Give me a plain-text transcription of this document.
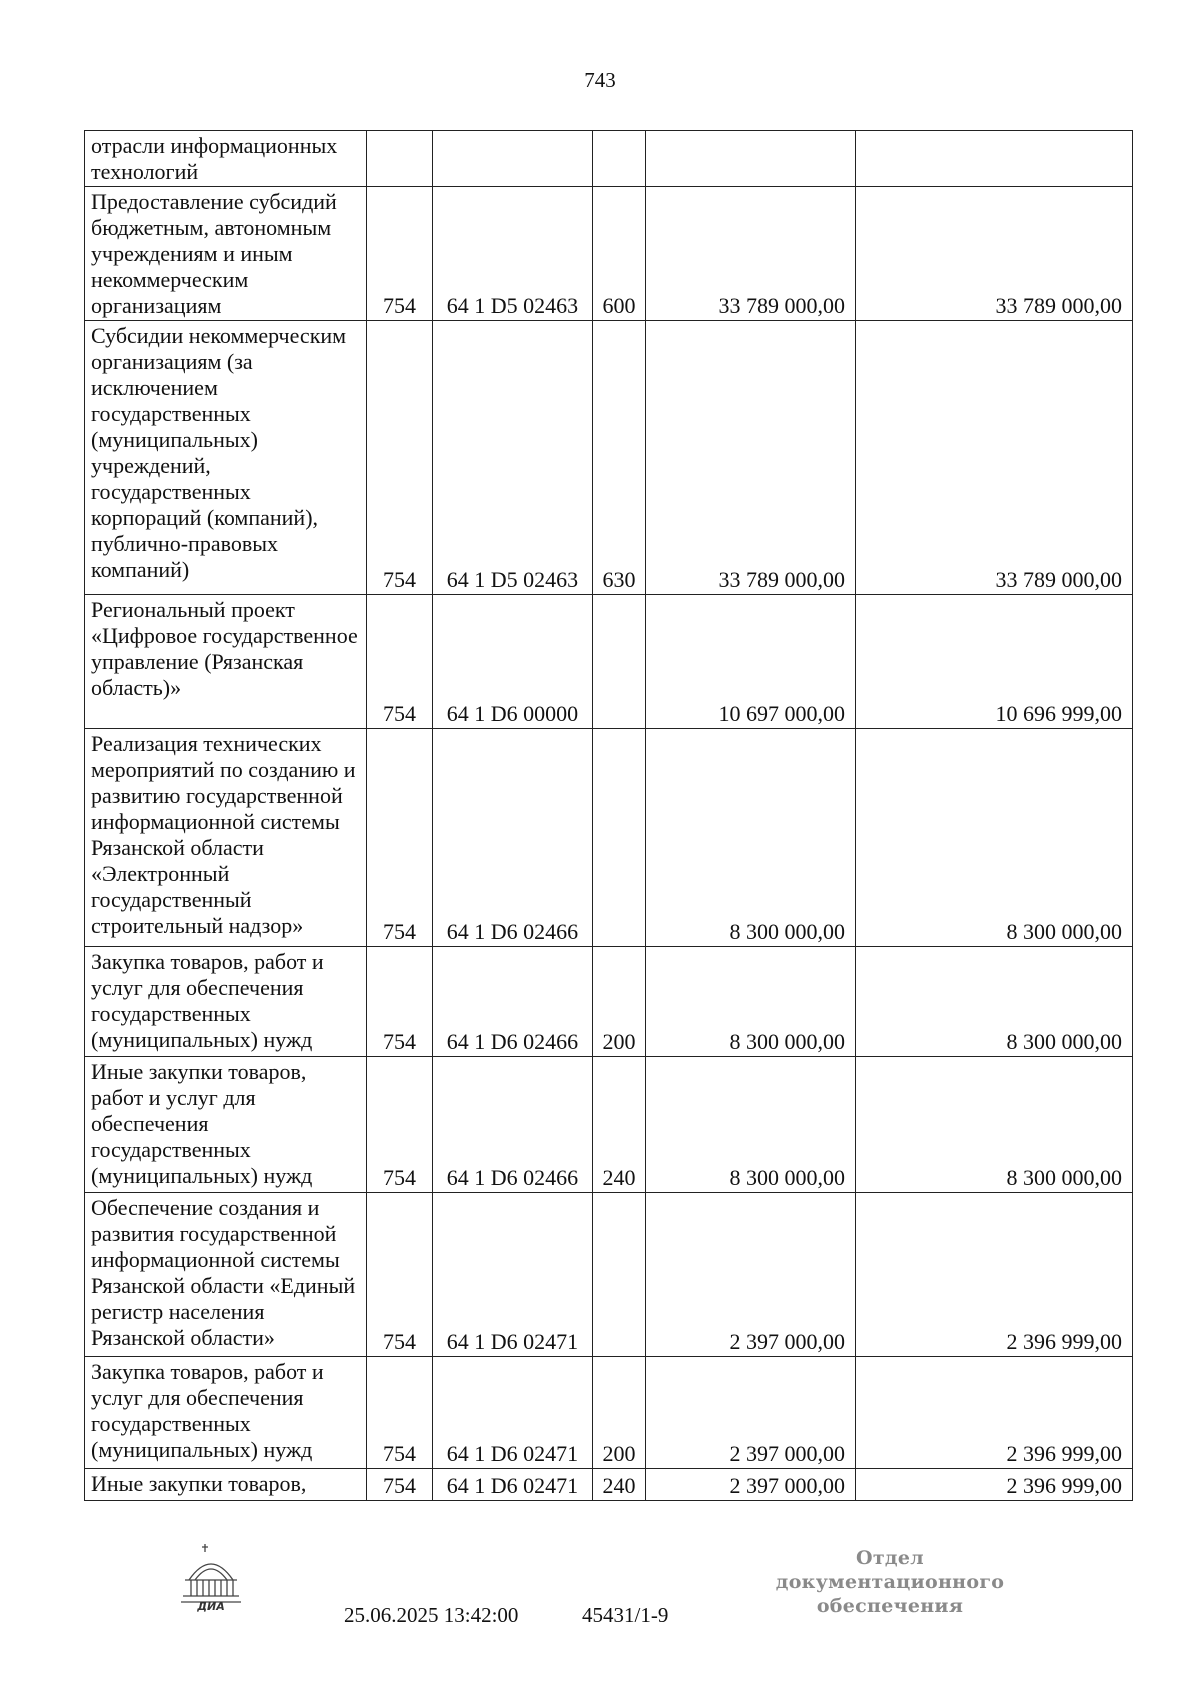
743
отрасли информационных технологий					
Предоставление субсидий бюджетным, автономным учреждениям и иным некоммерческим организациям	754	64 1 D5 02463	600	33 789 000,00	33 789 000,00
Субсидии некоммерческим организациям (за исключением государственных (муниципальных) учреждений, государственных корпораций (компаний), публично-правовых компаний)	754	64 1 D5 02463	630	33 789 000,00	33 789 000,00
Региональный проект «Цифровое государственное управление (Рязанская область)»	754	64 1 D6 00000		10 697 000,00	10 696 999,00
Реализация технических мероприятий по созданию и развитию государственной информационной системы Рязанской области «Электронный государственный строительный надзор»	754	64 1 D6 02466		8 300 000,00	8 300 000,00
Закупка товаров, работ и услуг для обеспечения государственных (муниципальных) нужд	754	64 1 D6 02466	200	8 300 000,00	8 300 000,00
Иные закупки товаров, работ и услуг для обеспечения государственных (муниципальных) нужд	754	64 1 D6 02466	240	8 300 000,00	8 300 000,00
Обеспечение создания и развития государственной информационной системы Рязанской области «Единый регистр населения Рязанской области»	754	64 1 D6 02471		2 397 000,00	2 396 999,00
Закупка товаров, работ и услуг для обеспечения государственных (муниципальных) нужд	754	64 1 D6 02471	200	2 397 000,00	2 396 999,00
Иные закупки товаров,	754	64 1 D6 02471	240	2 397 000,00	2 396 999,00
ДИА	25.06.2025 13:42:00	45431/1-9
Отдел документационного
обеспечения
